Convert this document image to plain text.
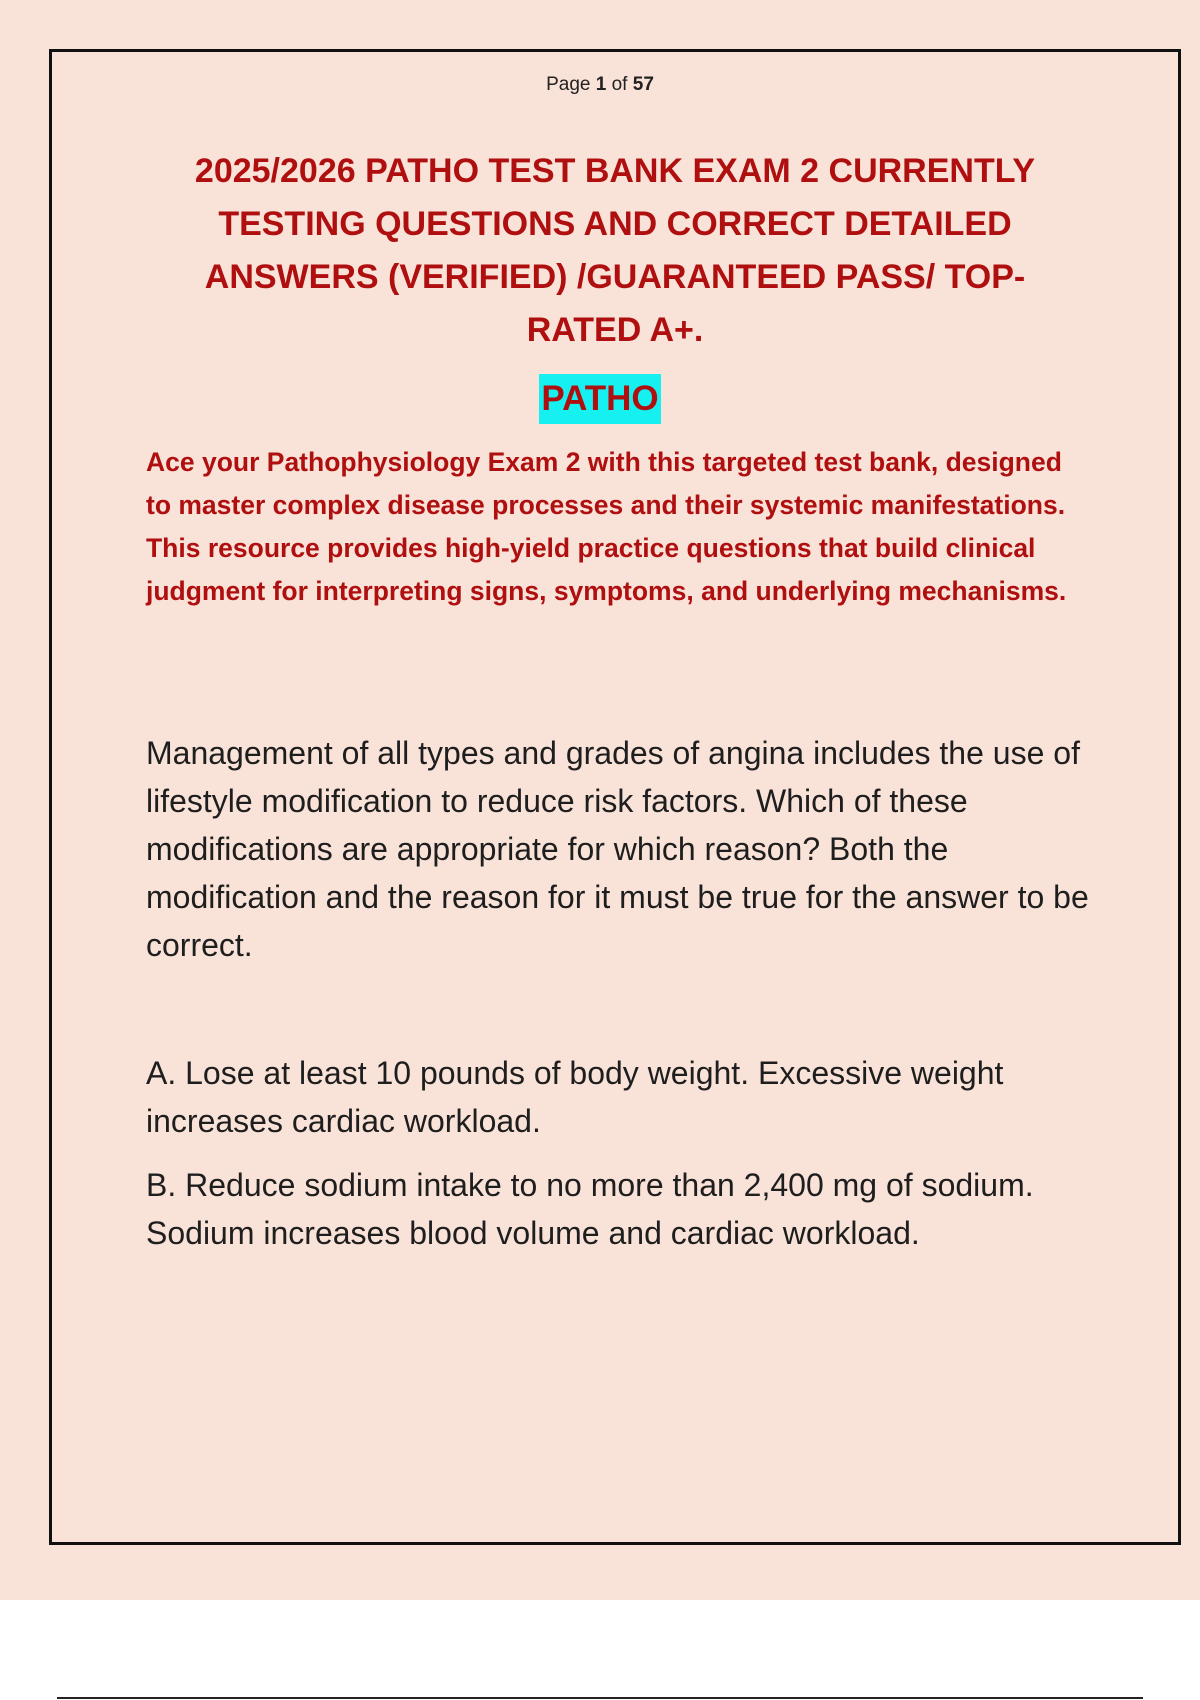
Page 1 of 57
2025/2026 PATHO TEST BANK EXAM 2 CURRENTLY TESTING QUESTIONS AND CORRECT DETAILED ANSWERS (VERIFIED) /GUARANTEED PASS/ TOP-RATED A+.
PATHO
Ace your Pathophysiology Exam 2 with this targeted test bank, designed to master complex disease processes and their systemic manifestations. This resource provides high-yield practice questions that build clinical judgment for interpreting signs, symptoms, and underlying mechanisms.
Management of all types and grades of angina includes the use of lifestyle modification to reduce risk factors. Which of these modifications are appropriate for which reason? Both the modification and the reason for it must be true for the answer to be correct.
A. Lose at least 10 pounds of body weight. Excessive weight increases cardiac workload.
B. Reduce sodium intake to no more than 2,400 mg of sodium. Sodium increases blood volume and cardiac workload.
